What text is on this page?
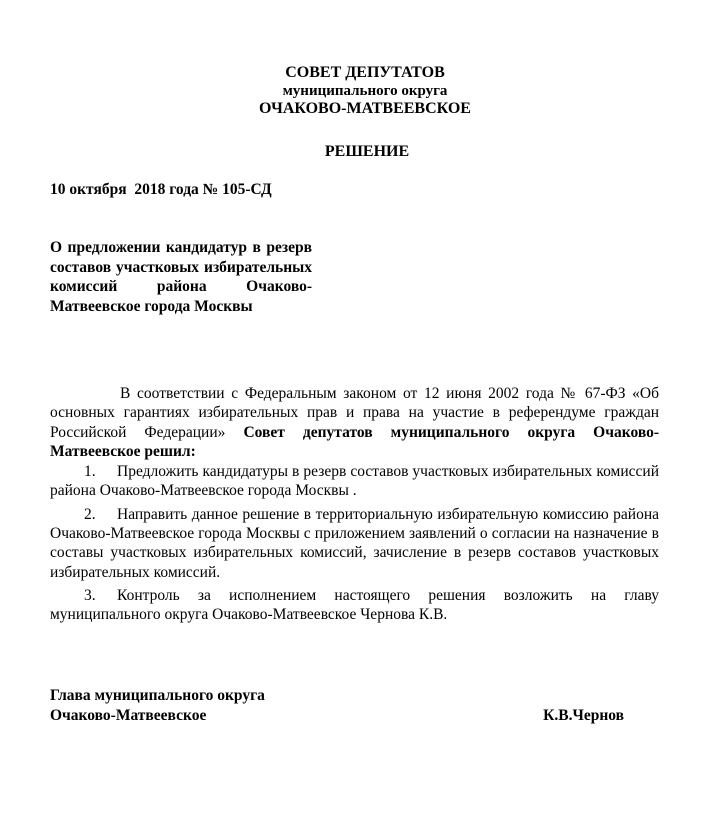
СОВЕТ ДЕПУТАТОВ
муниципального округа
ОЧАКОВО-МАТВЕЕВСКОЕ
РЕШЕНИЕ
10 октября  2018 года № 105-СД
О предложении кандидатур в резерв составов участковых избирательных комиссий района Очаково-Матвеевское города Москвы

В соответствии с Федеральным законом от 12 июня 2002 года № 67-ФЗ «Об основных гарантиях избирательных прав и права на участие в референдуме граждан Российской Федерации» Совет депутатов муниципального округа Очаково-Матвеевское решил:

1. Предложить кандидатуры в резерв составов участковых избирательных комиссий района Очаково-Матвеевское города Москвы .

2. Направить данное решение в территориальную избирательную комиссию района Очаково-Матвеевское города Москвы с приложением заявлений о согласии на назначение в составы участковых избирательных комиссий, зачисление в резерв составов участковых избирательных комиссий.

3. Контроль за исполнением настоящего решения возложить на главу муниципального округа Очаково-Матвеевское Чернова К.В.

Глава муниципального округа
Очаково-Матвеевское	К.В.Чернов
